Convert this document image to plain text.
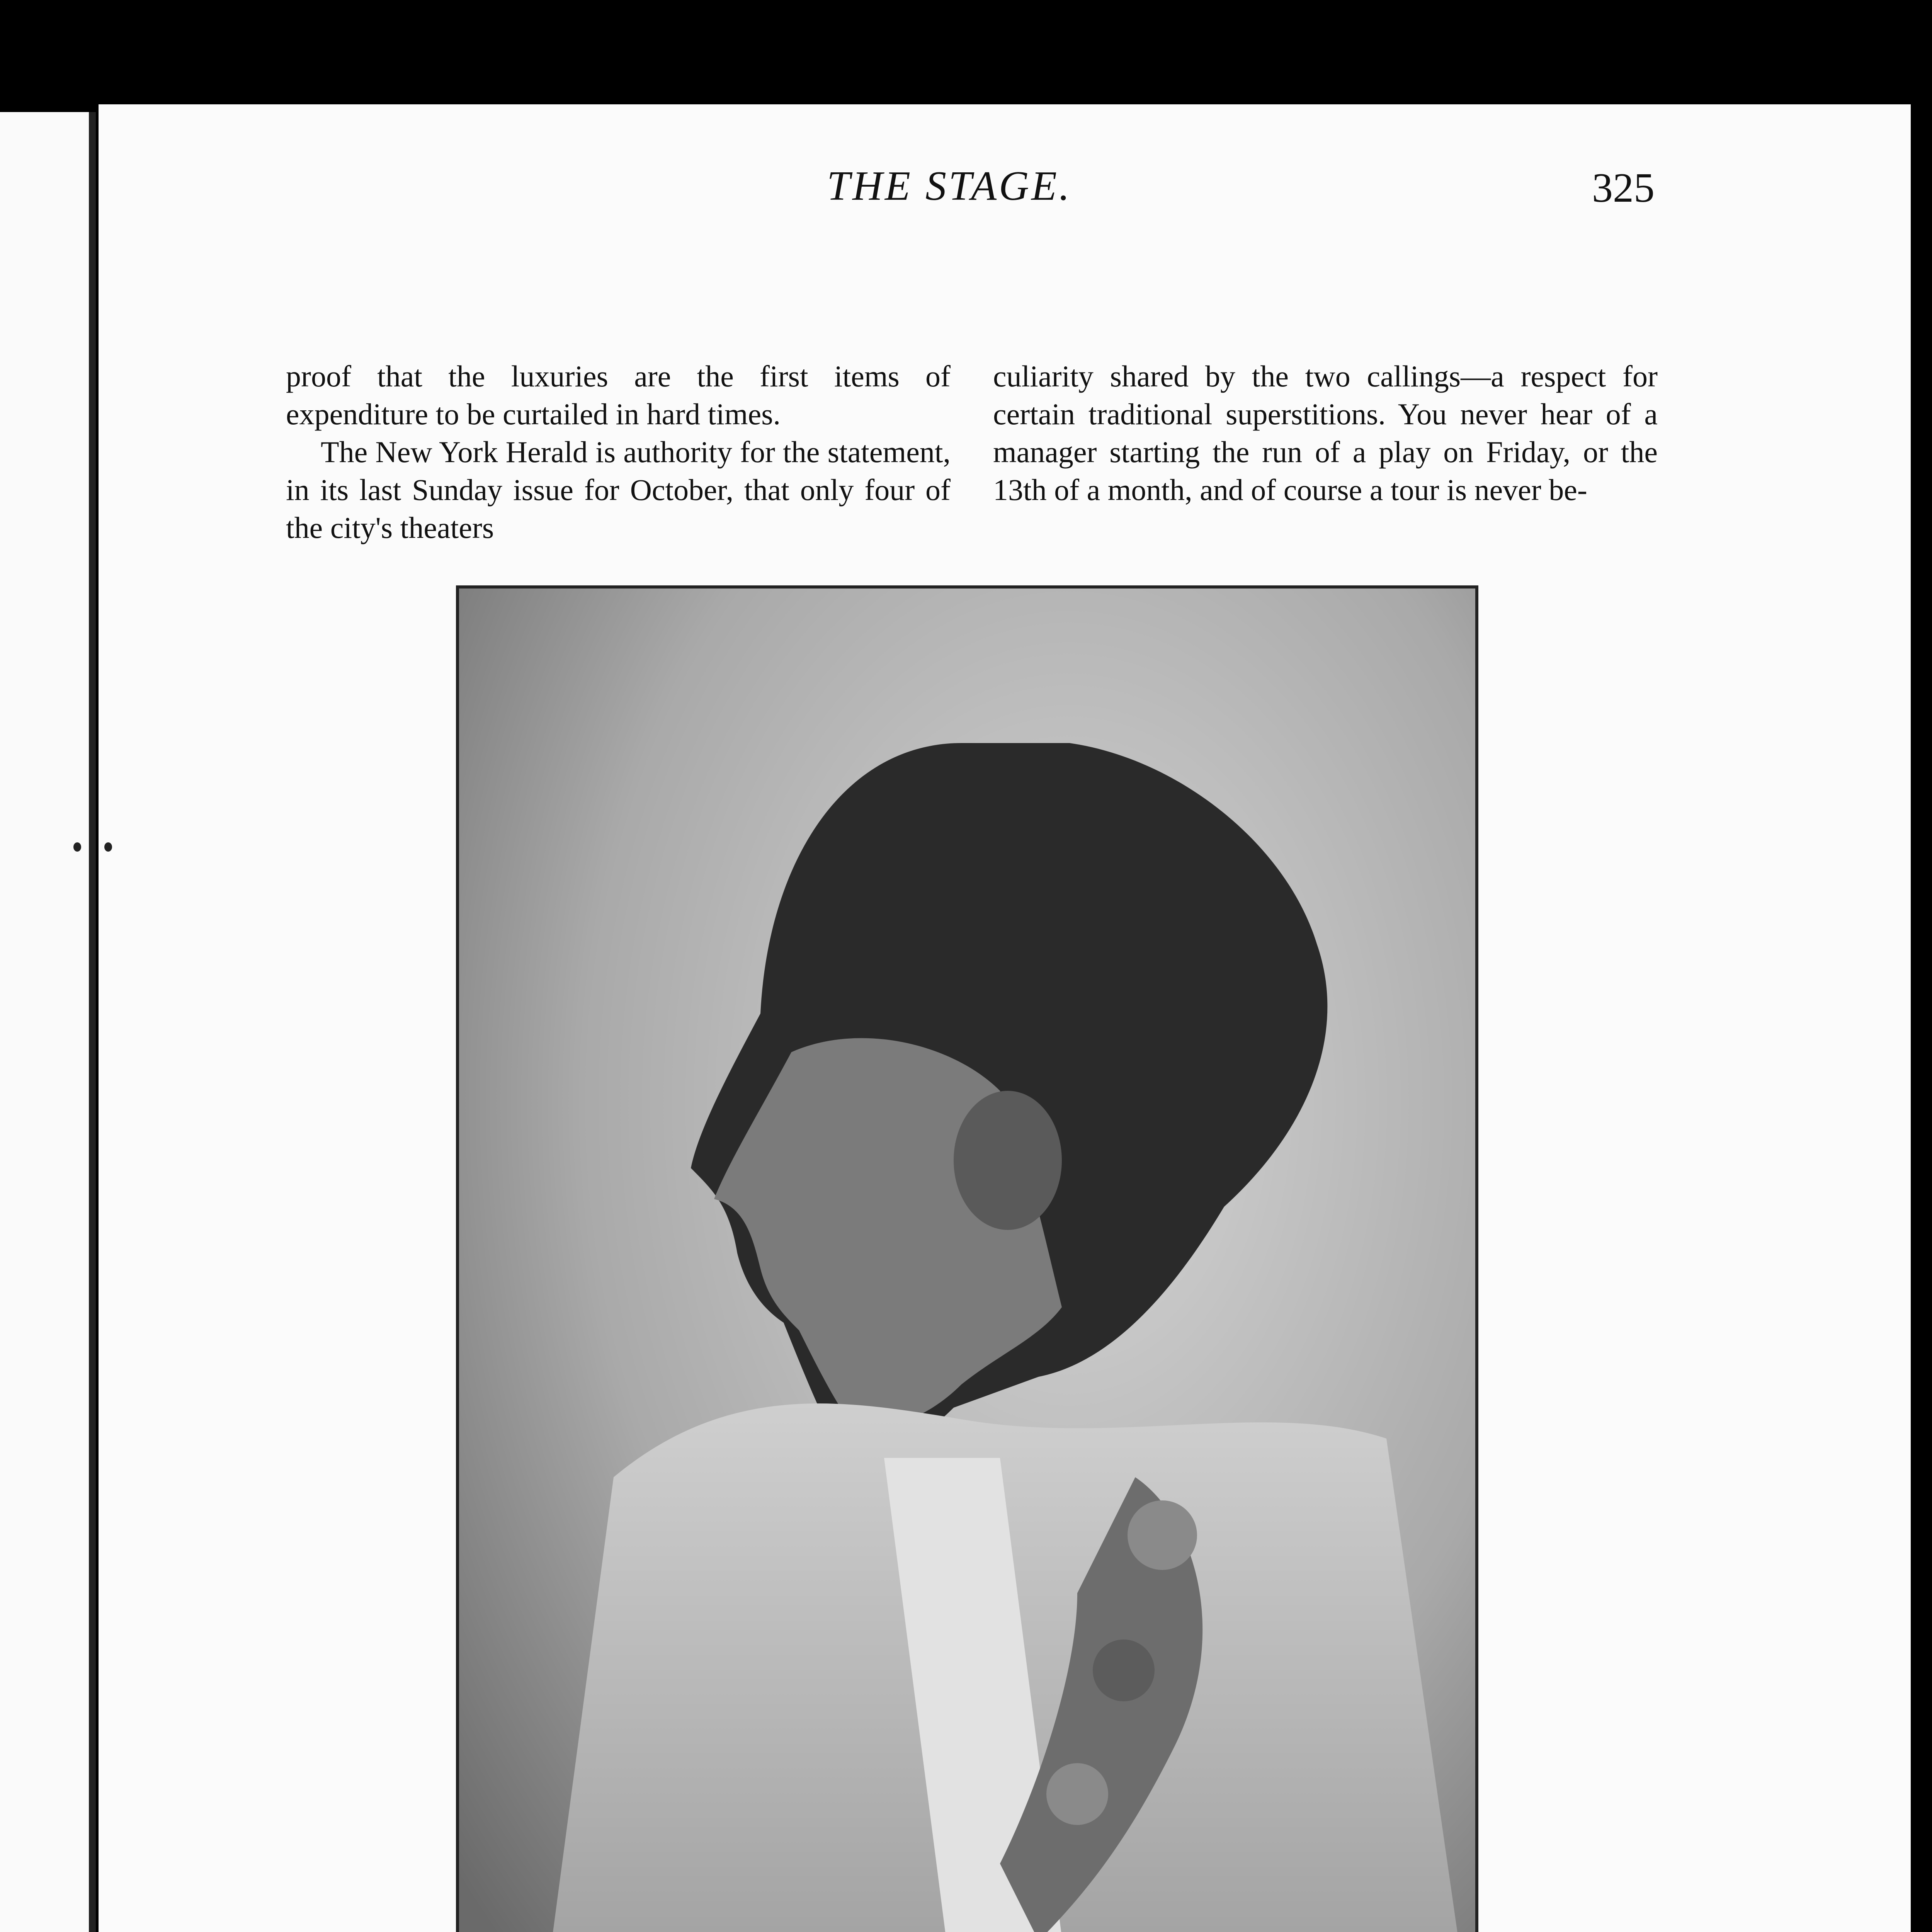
THE STAGE.	325

proof that the luxuries are the first items of expenditure to be curtailed in hard times.

The New York Herald is authority for the statement, in its last Sunday issue for October, that only four of the city's theaters

culiarity shared by the two callings—a respect for certain traditional superstitions. You never hear of a manager starting the run of a play on Friday, or the 13th of a month, and of course a tour is never be-
